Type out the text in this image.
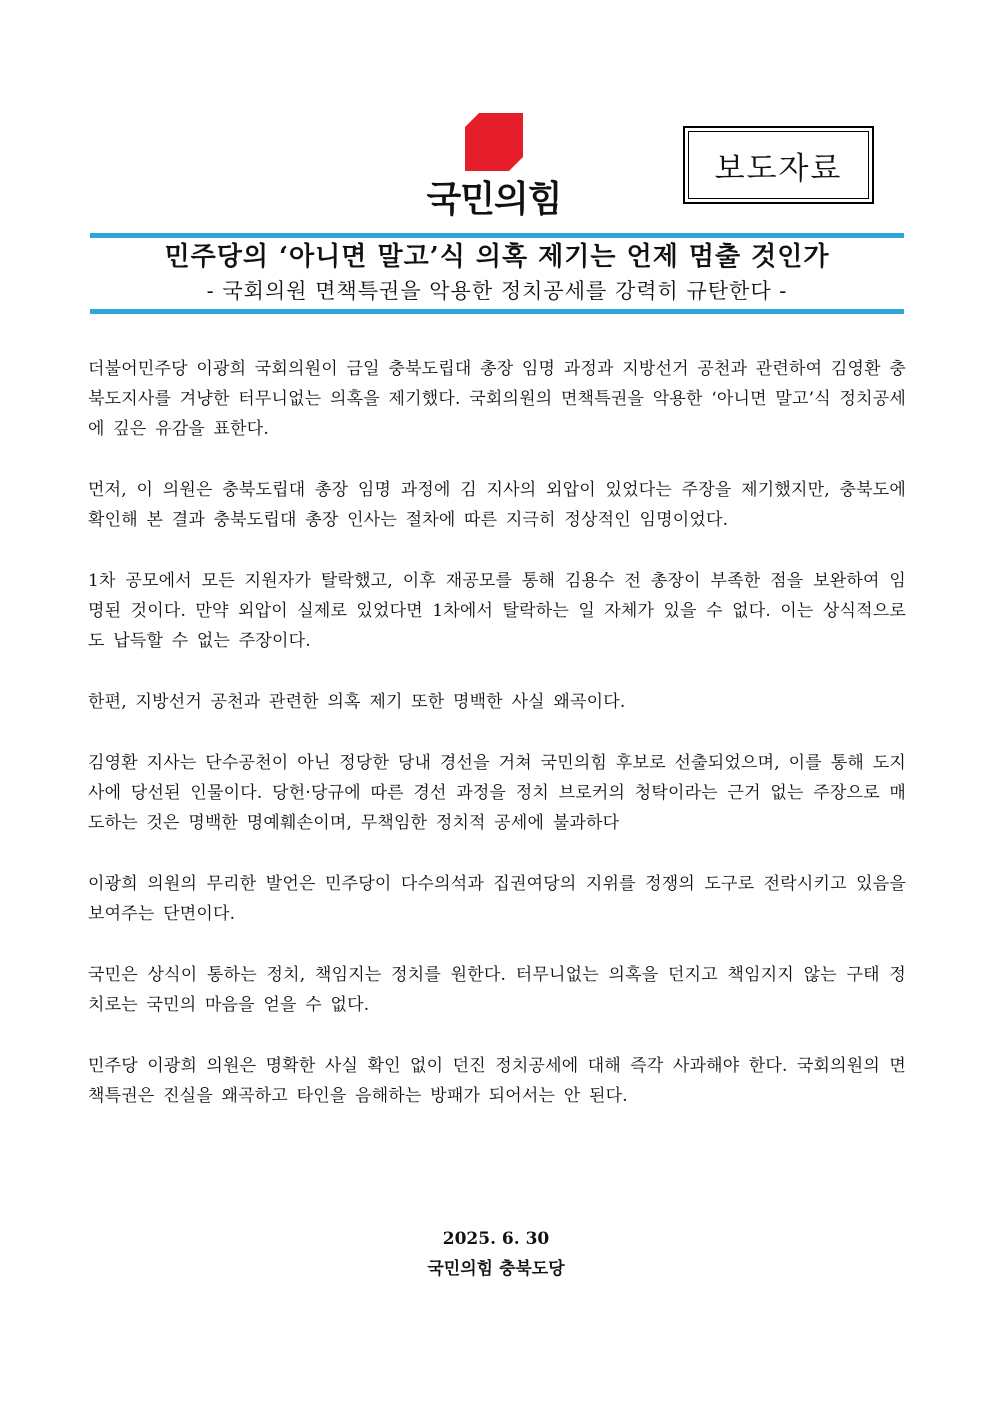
국민의힘
보도자료
민주당의 ‘아니면 말고’식 의혹 제기는 언제 멈출 것인가
- 국회의원 면책특권을 악용한 정치공세를 강력히 규탄한다 -

더불어민주당 이광희 국회의원이 금일 충북도립대 총장 임명 과정과 지방선거 공천과 관련하여 김영환 충북도지사를 겨냥한 터무니없는 의혹을 제기했다. 국회의원의 면책특권을 악용한 ‘아니면 말고’식 정치공세에 깊은 유감을 표한다.

먼저, 이 의원은 충북도립대 총장 임명 과정에 김 지사의 외압이 있었다는 주장을 제기했지만, 충북도에 확인해 본 결과 충북도립대 총장 인사는 절차에 따른 지극히 정상적인 임명이었다.

1차 공모에서 모든 지원자가 탈락했고, 이후 재공모를 통해 김용수 전 총장이 부족한 점을 보완하여 임명된 것이다. 만약 외압이 실제로 있었다면 1차에서 탈락하는 일 자체가 있을 수 없다. 이는 상식적으로도 납득할 수 없는 주장이다.

한편, 지방선거 공천과 관련한 의혹 제기 또한 명백한 사실 왜곡이다.

김영환 지사는 단수공천이 아닌 정당한 당내 경선을 거쳐 국민의힘 후보로 선출되었으며, 이를 통해 도지사에 당선된 인물이다. 당헌·당규에 따른 경선 과정을 정치 브로커의 청탁이라는 근거 없는 주장으로 매도하는 것은 명백한 명예훼손이며, 무책임한 정치적 공세에 불과하다

이광희 의원의 무리한 발언은 민주당이 다수의석과 집권여당의 지위를 정쟁의 도구로 전락시키고 있음을 보여주는 단면이다.

국민은 상식이 통하는 정치, 책임지는 정치를 원한다. 터무니없는 의혹을 던지고 책임지지 않는 구태 정치로는 국민의 마음을 얻을 수 없다.

민주당 이광희 의원은 명확한 사실 확인 없이 던진 정치공세에 대해 즉각 사과해야 한다. 국회의원의 면책특권은 진실을 왜곡하고 타인을 음해하는 방패가 되어서는 안 된다.

2025. 6. 30
국민의힘 충북도당
